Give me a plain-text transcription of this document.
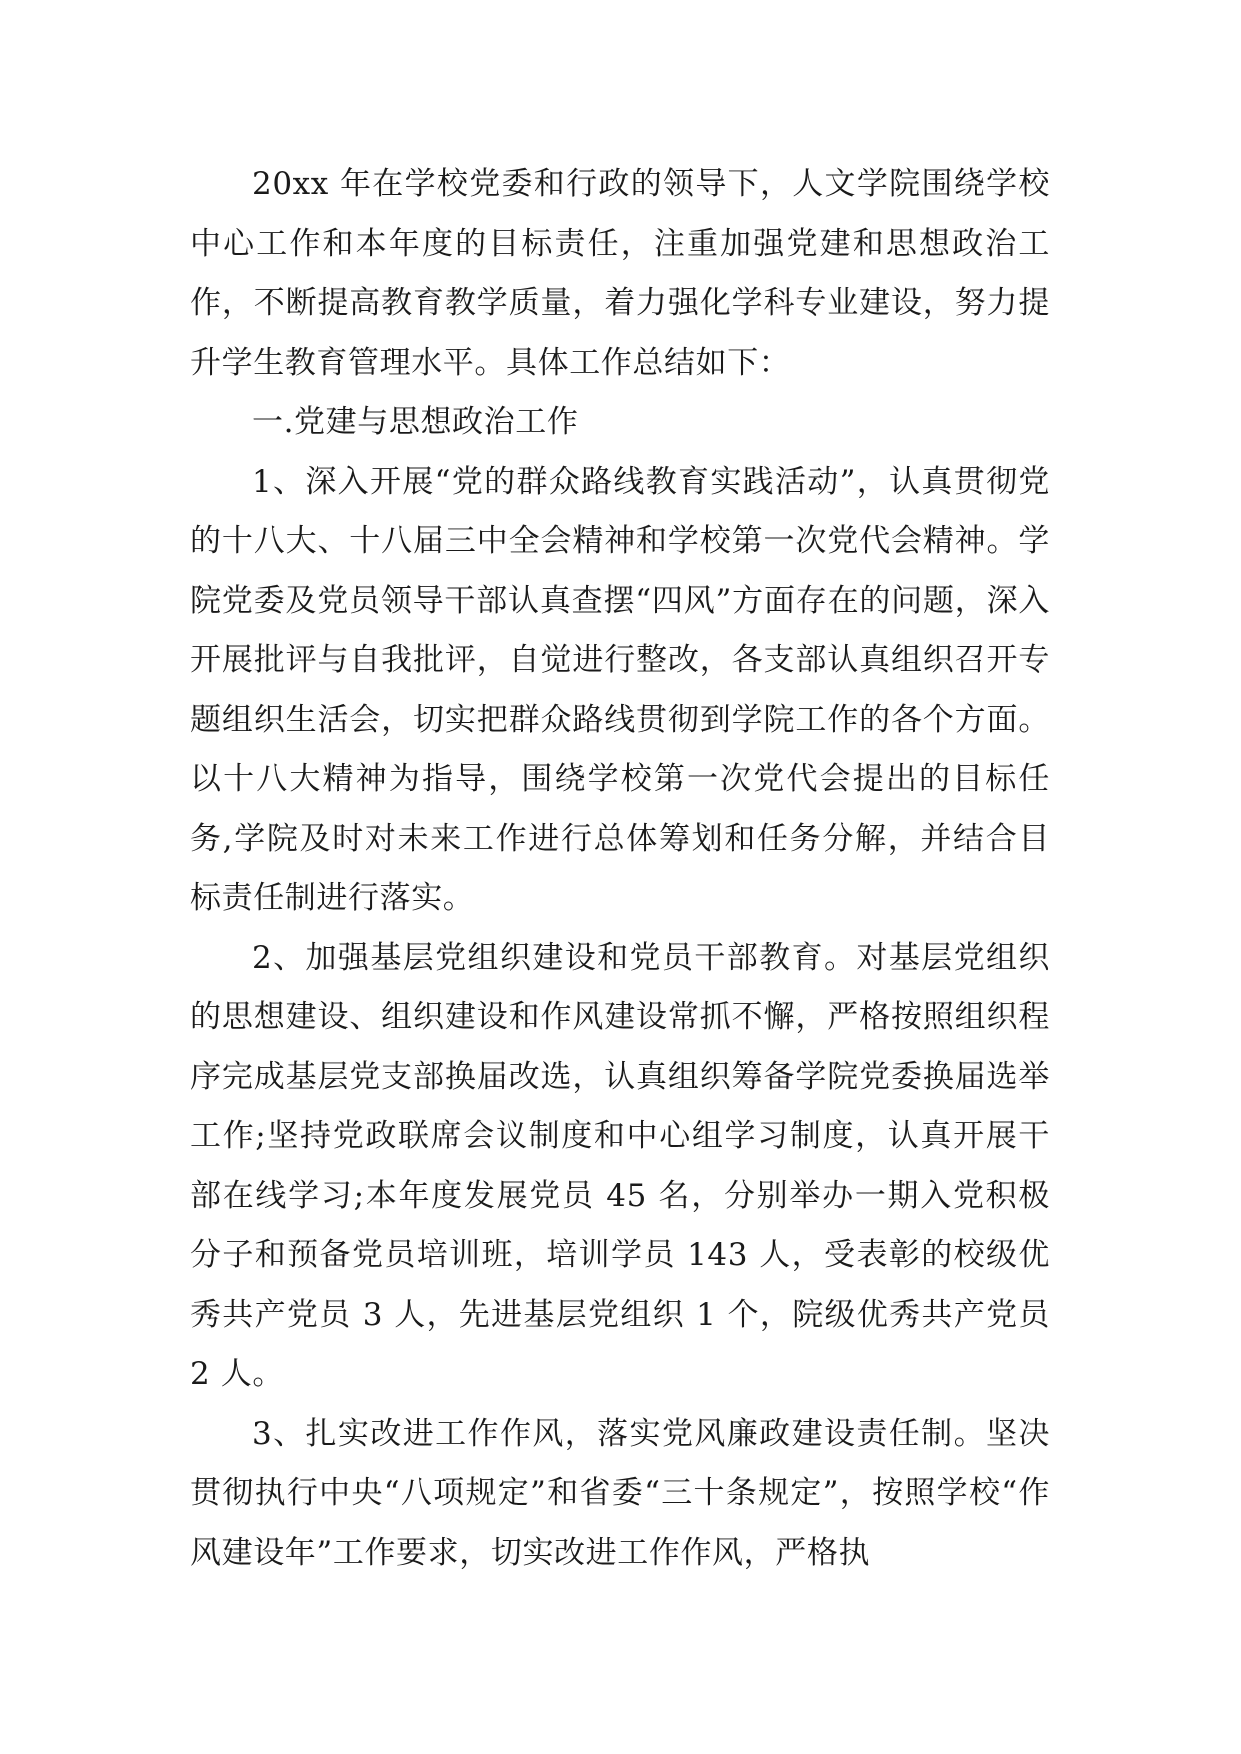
20xx 年在学校党委和行政的领导下，人文学院围绕学校中心工作和本年度的目标责任，注重加强党建和思想政治工作，不断提高教育教学质量，着力强化学科专业建设，努力提升学生教育管理水平。具体工作总结如下：

一.党建与思想政治工作

1、深入开展“党的群众路线教育实践活动”，认真贯彻党的十八大、十八届三中全会精神和学校第一次党代会精神。学院党委及党员领导干部认真查摆“四风”方面存在的问题，深入开展批评与自我批评，自觉进行整改，各支部认真组织召开专题组织生活会，切实把群众路线贯彻到学院工作的各个方面。以十八大精神为指导，围绕学校第一次党代会提出的目标任务,学院及时对未来工作进行总体筹划和任务分解，并结合目标责任制进行落实。

2、加强基层党组织建设和党员干部教育。对基层党组织的思想建设、组织建设和作风建设常抓不懈，严格按照组织程序完成基层党支部换届改选，认真组织筹备学院党委换届选举工作;坚持党政联席会议制度和中心组学习制度，认真开展干部在线学习;本年度发展党员 45 名，分别举办一期入党积极分子和预备党员培训班，培训学员 143 人，受表彰的校级优秀共产党员 3 人，先进基层党组织 1 个，院级优秀共产党员 2 人。

3、扎实改进工作作风，落实党风廉政建设责任制。坚决贯彻执行中央“八项规定”和省委“三十条规定”，按照学校“作风建设年”工作要求，切实改进工作作风，严格执
